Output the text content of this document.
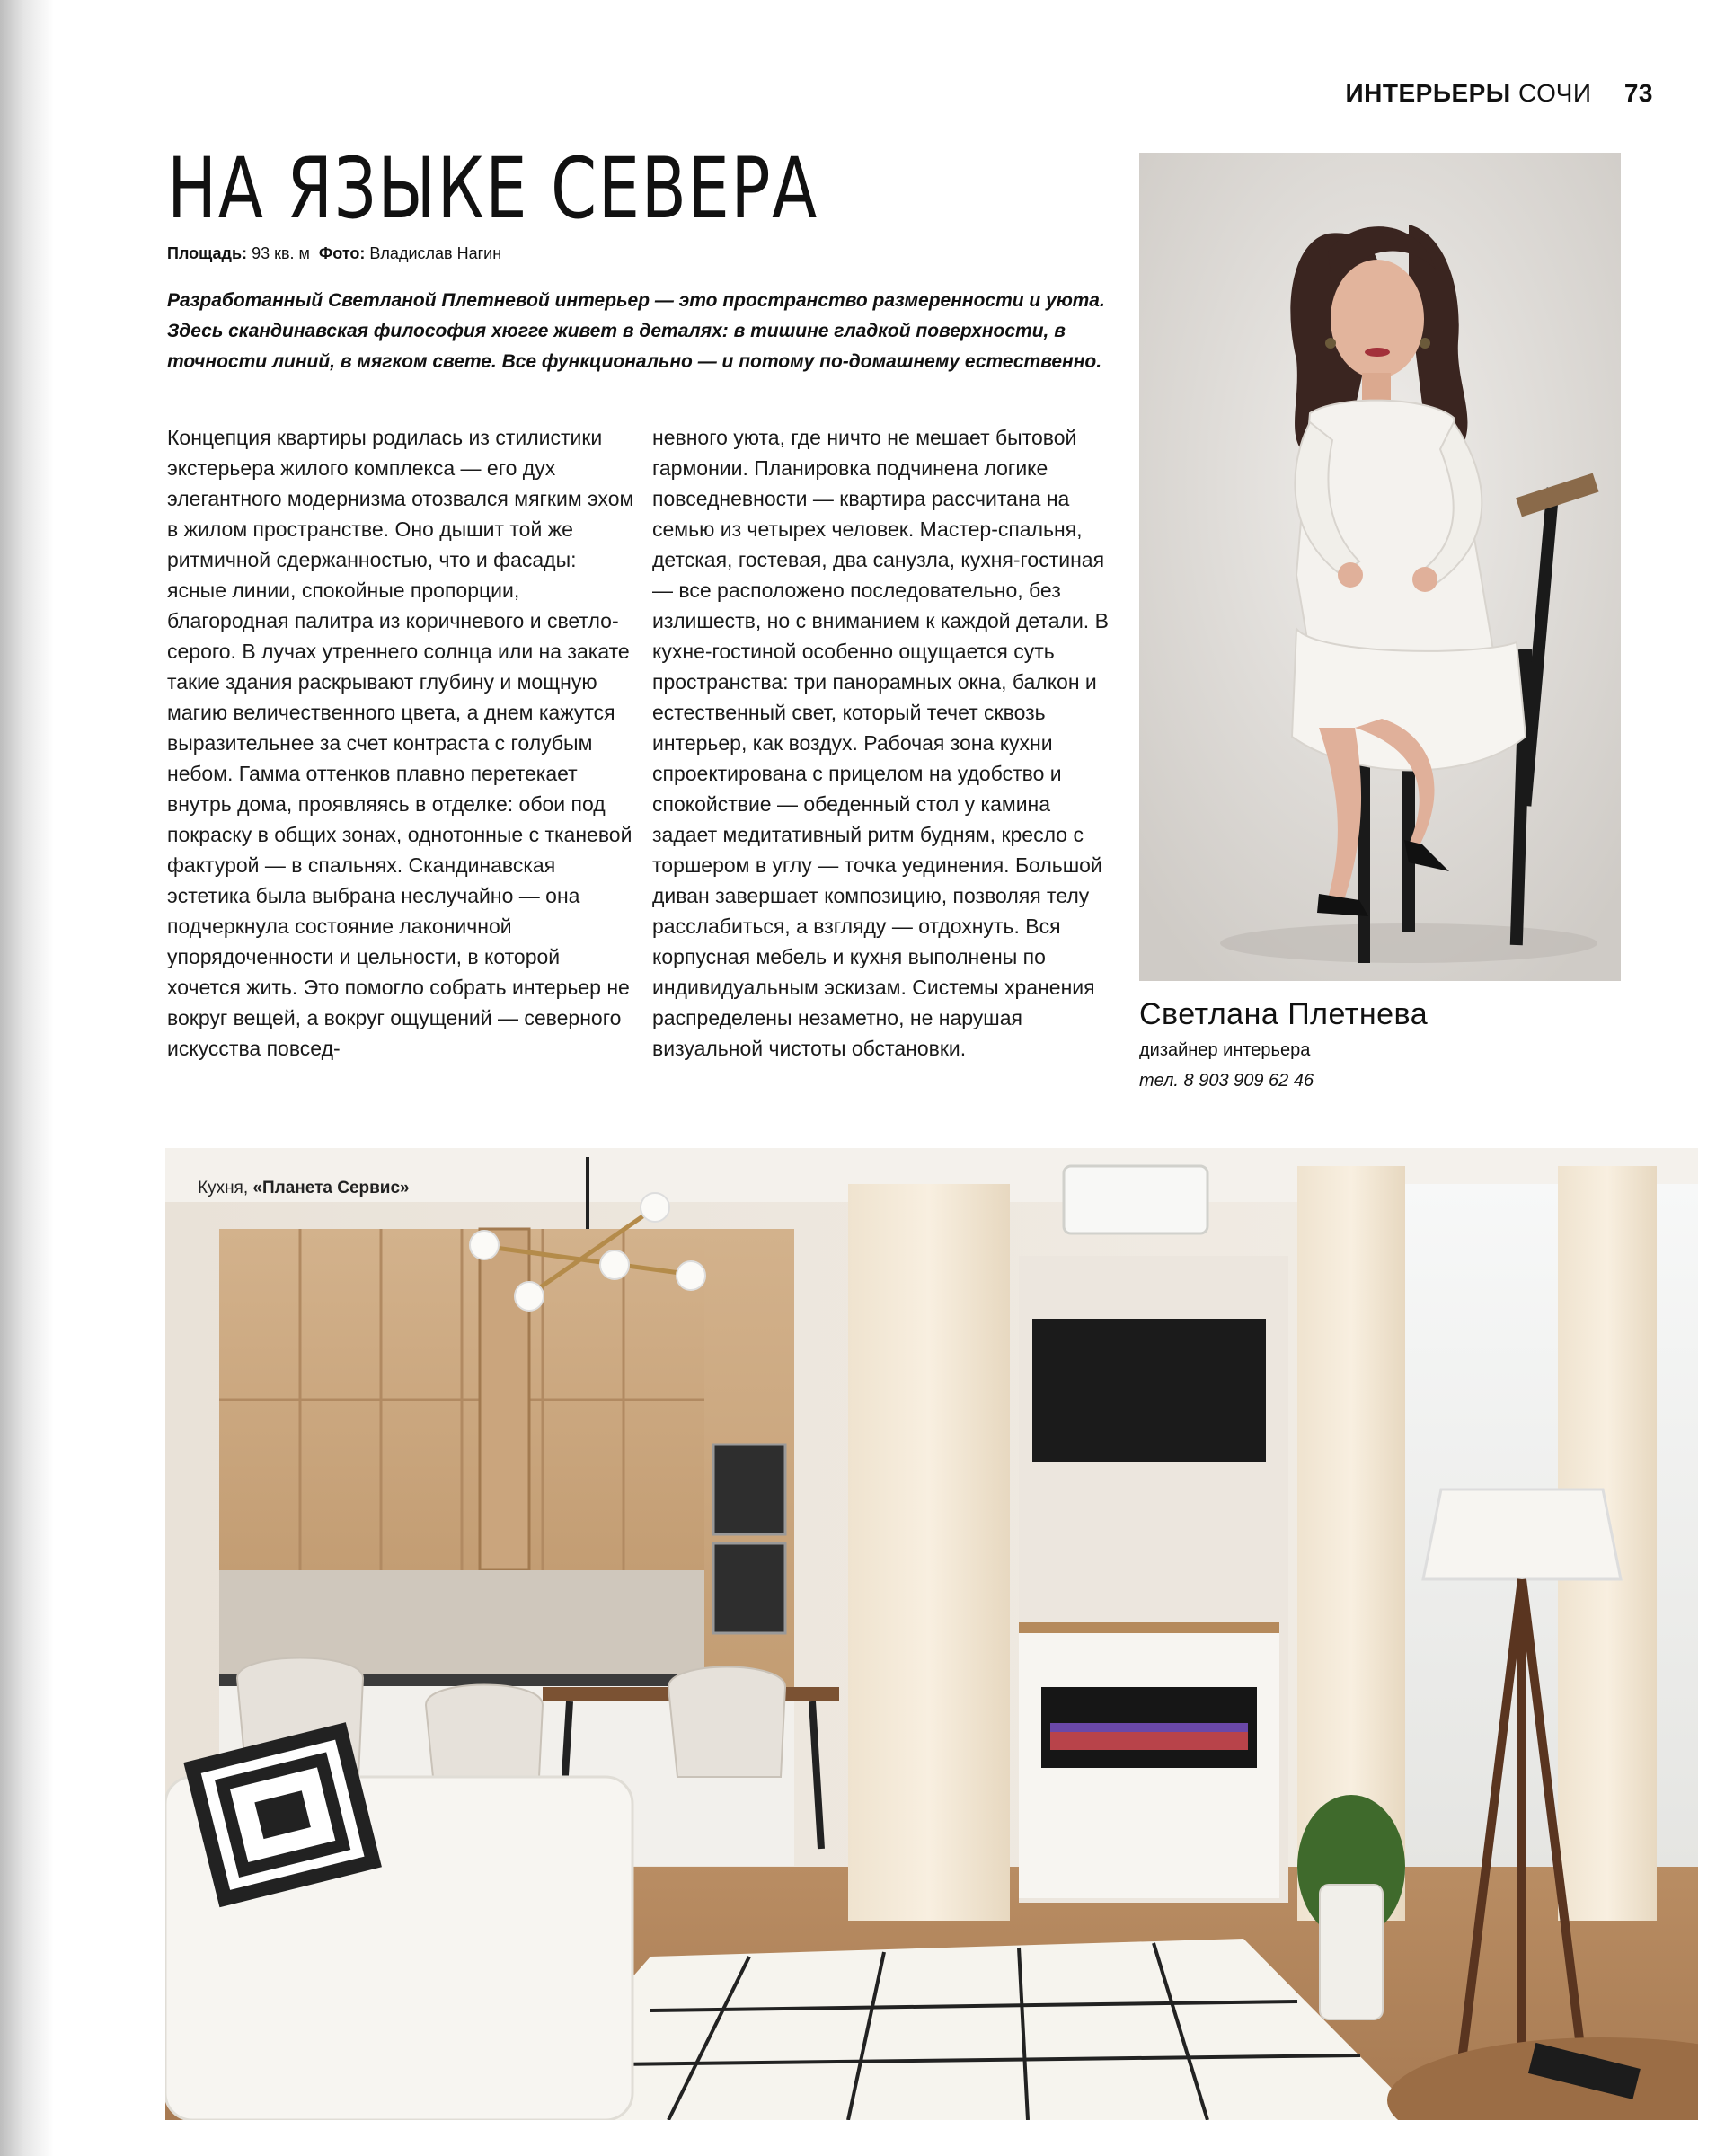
ИНТЕРЬЕРЫ СОЧИ 73
НА ЯЗЫКЕ СЕВЕРА
Площадь: 93 кв. м Фото: Владислав Нагин

Разработанный Светланой Плетневой интерьер — это пространство размеренности и уюта. Здесь скандинавская философия хюгге живет в деталях: в тишине гладкой поверхности, в точности линий, в мягком свете. Все функционально — и потому по-домашнему естественно.

Концепция квартиры родилась из стилистики экстерьера жилого комплекса — его дух элегантного модернизма отозвался мягким эхом в жилом пространстве. Оно дышит той же ритмичной сдержанностью, что и фасады: ясные линии, спокойные пропорции, благородная палитра из коричневого и светло-серого. В лучах утреннего солнца или на закате такие здания раскрывают глубину и мощную магию величественного цвета, а днем кажутся выразительнее за счет контраста с голубым небом. Гамма оттенков плавно перетекает внутрь дома, проявляясь в отделке: обои под покраску в общих зонах, однотонные с тканевой фактурой — в спальнях. Скандинавская эстетика была выбрана неслучайно — она подчеркнула состояние лаконичной упорядоченности и цельности, в которой хочется жить. Это помогло собрать интерьер не вокруг вещей, а вокруг ощущений — северного искусства повсед-

невного уюта, где ничто не мешает бытовой гармонии. Планировка подчинена логике повседневности — квартира рассчитана на семью из четырех человек. Мастер-спальня, детская, гостевая, два санузла, кухня-гостиная — все расположено последовательно, без излишеств, но с вниманием к каждой детали. В кухне-гостиной особенно ощущается суть пространства: три панорамных окна, балкон и естественный свет, который течет сквозь интерьер, как воздух. Рабочая зона кухни спроектирована с прицелом на удобство и спокойствие — обеденный стол у камина задает медитативный ритм будням, кресло с торшером в углу — точка уединения. Большой диван завершает композицию, позволяя телу расслабиться, а взгляду — отдохнуть. Вся корпусная мебель и кухня выполнены по индивидуальным эскизам. Системы хранения распределены незаметно, не нарушая визуальной чистоты обстановки.

Светлана Плетнева
дизайнер интерьера
тел. 8 903 909 62 46
Кухня, «Планета Сервис»
